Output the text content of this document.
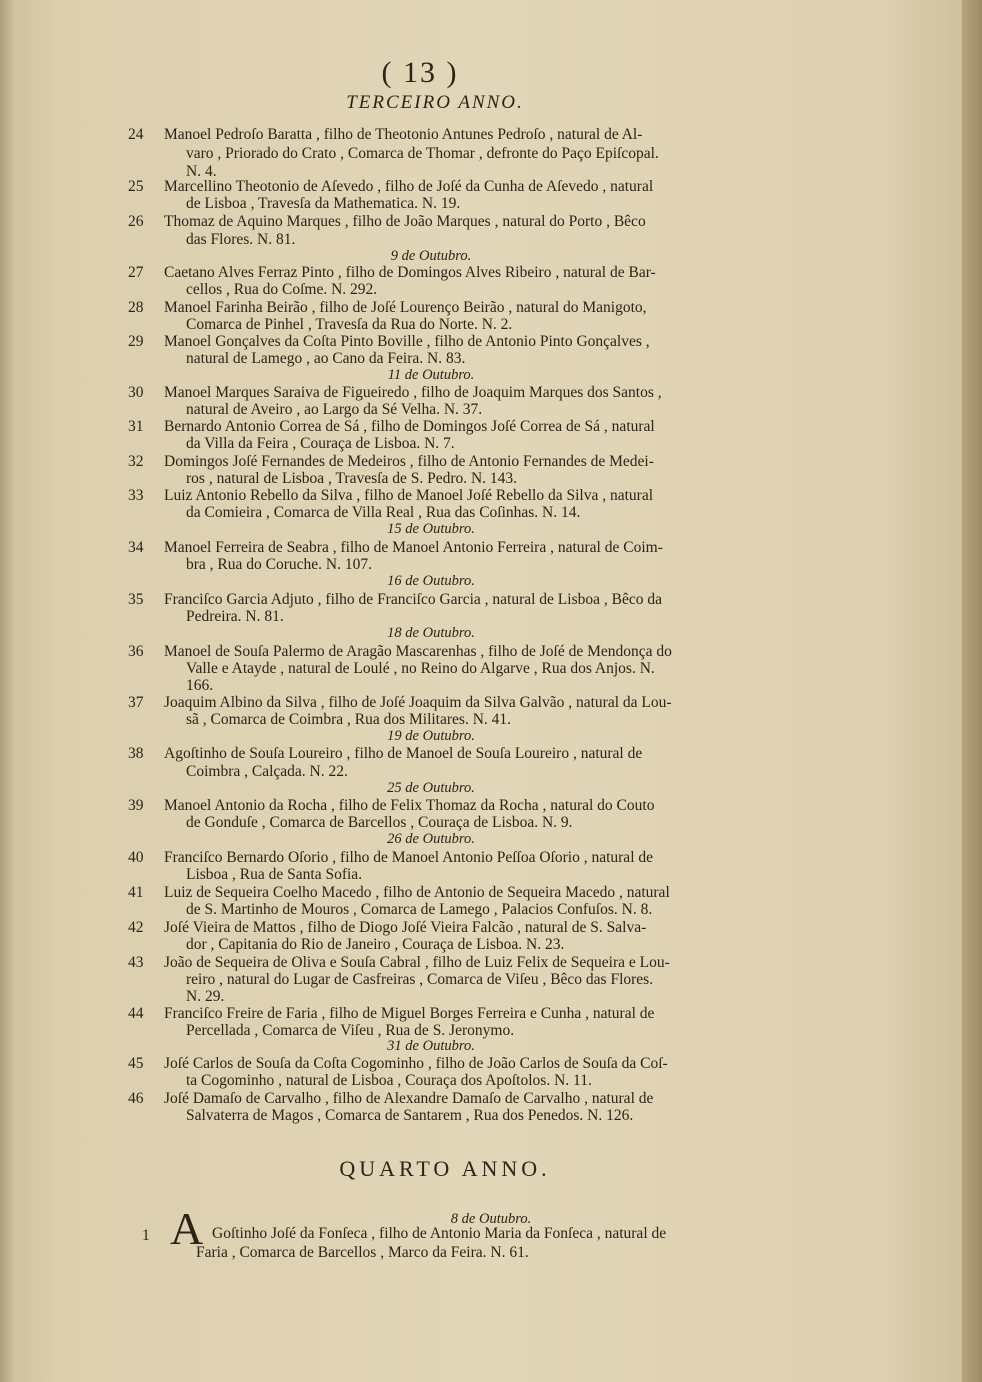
( 13 )
TERCEIRO ANNO.
24	Manoel Pedroſo Baratta , filho de Theotonio Antunes Pedroſo , natural de Al-
varo , Priorado do Crato , Comarca de Thomar , defronte do Paço Epiſcopal.
N. 4.
25	Marcellino Theotonio de Aſevedo , filho de Joſé da Cunha de Aſevedo , natural
de Lisboa , Travesſa da Mathematica. N. 19.
26	Thomaz de Aquino Marques , filho de João Marques , natural do Porto , Bêco
das Flores. N. 81.
9 de Outubro.
27	Caetano Alves Ferraz Pinto , filho de Domingos Alves Ribeiro , natural de Bar-
cellos , Rua do Coſme. N. 292.
28	Manoel Farinha Beirão , filho de Joſé Lourenço Beirão , natural do Manigoto,
Comarca de Pinhel , Travesſa da Rua do Norte. N. 2.
29	Manoel Gonçalves da Coſta Pinto Boville , filho de Antonio Pinto Gonçalves ,
natural de Lamego , ao Cano da Feira. N. 83.
11 de Outubro.
30	Manoel Marques Saraiva de Figueiredo , filho de Joaquim Marques dos Santos ,
natural de Aveiro , ao Largo da Sé Velha. N. 37.
31	Bernardo Antonio Correa de Sá , filho de Domingos Joſé Correa de Sá , natural
da Villa da Feira , Couraça de Lisboa. N. 7.
32	Domingos Joſé Fernandes de Medeiros , filho de Antonio Fernandes de Medei-
ros , natural de Lisboa , Travesſa de S. Pedro. N. 143.
33	Luiz Antonio Rebello da Silva , filho de Manoel Joſé Rebello da Silva , natural
da Comieira , Comarca de Villa Real , Rua das Coſinhas. N. 14.
15 de Outubro.
34	Manoel Ferreira de Seabra , filho de Manoel Antonio Ferreira , natural de Coim-
bra , Rua do Coruche. N. 107.
16 de Outubro.
35	Franciſco Garcia Adjuto , filho de Franciſco Garcia , natural de Lisboa , Bêco da
Pedreira. N. 81.
18 de Outubro.
36	Manoel de Souſa Palermo de Aragão Mascarenhas , filho de Joſé de Mendonça do
Valle e Atayde , natural de Loulé , no Reino do Algarve , Rua dos Anjos. N.
166.
37	Joaquim Albino da Silva , filho de Joſé Joaquim da Silva Galvão , natural da Lou-
sã , Comarca de Coimbra , Rua dos Militares. N. 41.
19 de Outubro.
38	Agoſtinho de Souſa Loureiro , filho de Manoel de Souſa Loureiro , natural de
Coimbra , Calçada. N. 22.
25 de Outubro.
39	Manoel Antonio da Rocha , filho de Felix Thomaz da Rocha , natural do Couto
de Gonduſe , Comarca de Barcellos , Couraça de Lisboa. N. 9.
26 de Outubro.
40	Franciſco Bernardo Oſorio , filho de Manoel Antonio Peſſoa Oſorio , natural de
Lisboa , Rua de Santa Sofia.
41	Luiz de Sequeira Coelho Macedo , filho de Antonio de Sequeira Macedo , natural
de S. Martinho de Mouros , Comarca de Lamego , Palacios Confuſos. N. 8.
42	Joſé Vieira de Mattos , filho de Diogo Joſé Vieira Falcão , natural de S. Salva-
dor , Capitania do Rio de Janeiro , Couraça de Lisboa. N. 23.
43	João de Sequeira de Oliva e Souſa Cabral , filho de Luiz Felix de Sequeira e Lou-
reiro , natural do Lugar de Casfreiras , Comarca de Viſeu , Bêco das Flores.
N. 29.
44	Franciſco Freire de Faria , filho de Miguel Borges Ferreira e Cunha , natural de
Percellada , Comarca de Viſeu , Rua de S. Jeronymo.
31 de Outubro.
45	Joſé Carlos de Souſa da Coſta Cogominho , filho de João Carlos de Souſa da Coſ-
ta Cogominho , natural de Lisboa , Couraça dos Apoſtolos. N. 11.
46	Joſé Damaſo de Carvalho , filho de Alexandre Damaſo de Carvalho , natural de
Salvaterra de Magos , Comarca de Santarem , Rua dos Penedos. N. 126.
QUARTO ANNO.
8 de Outubro.
1 A Goſtinho Joſé da Fonſeca , filho de Antonio Maria da Fonſeca , natural de
Faria , Comarca de Barcellos , Marco da Feira. N. 61.
